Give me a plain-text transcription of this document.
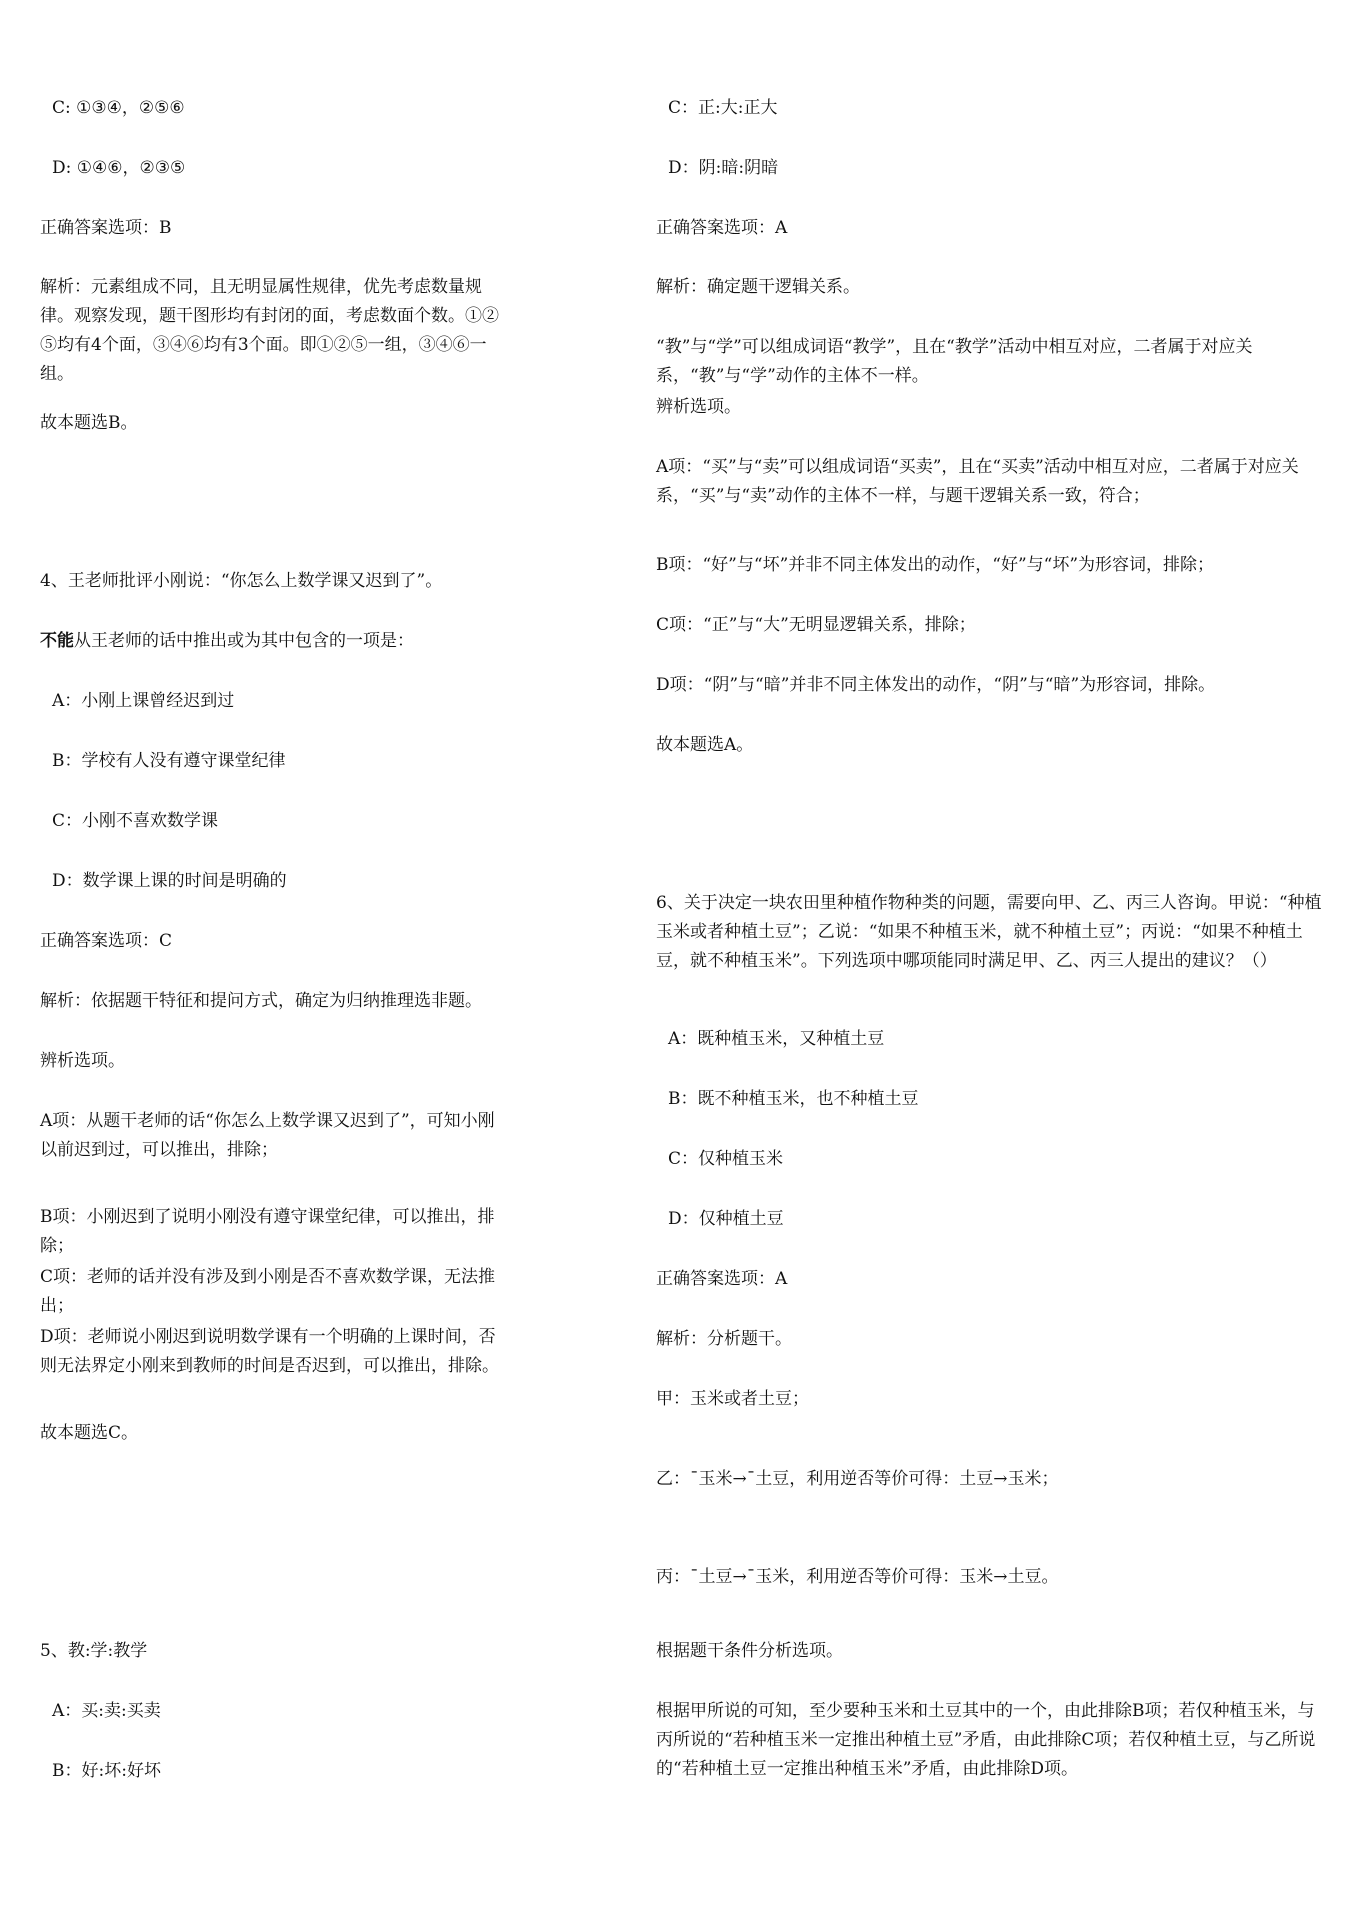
C: ①③④，②⑤⑥
D: ①④⑥，②③⑤
正确答案选项：B
解析：元素组成不同，且无明显属性规律，优先考虑数量规律。观察发现，题干图形均有封闭的面，考虑数面个数。①②⑤均有4个面，③④⑥均有3个面。即①②⑤一组，③④⑥一组。
故本题选B。
4、王老师批评小刚说：“你怎么上数学课又迟到了”。
不能从王老师的话中推出或为其中包含的一项是：
A：小刚上课曾经迟到过
B：学校有人没有遵守课堂纪律
C：小刚不喜欢数学课
D：数学课上课的时间是明确的
正确答案选项：C
解析：依据题干特征和提问方式，确定为归纳推理选非题。
辨析选项。
A项：从题干老师的话“你怎么上数学课又迟到了”，可知小刚以前迟到过，可以推出，排除；
B项：小刚迟到了说明小刚没有遵守课堂纪律，可以推出，排除；
C项：老师的话并没有涉及到小刚是否不喜欢数学课，无法推出；
D项：老师说小刚迟到说明数学课有一个明确的上课时间，否则无法界定小刚来到教师的时间是否迟到，可以推出，排除。
故本题选C。
5、教:学:教学
A：买:卖:买卖
B：好:坏:好坏
C：正:大:正大
D：阴:暗:阴暗
正确答案选项：A
解析：确定题干逻辑关系。
“教”与“学”可以组成词语“教学”，且在“教学”活动中相互对应，二者属于对应关系，“教”与“学”动作的主体不一样。
辨析选项。
A项：“买”与“卖”可以组成词语“买卖”，且在“买卖”活动中相互对应，二者属于对应关系，“买”与“卖”动作的主体不一样，与题干逻辑关系一致，符合；
B项：“好”与“坏”并非不同主体发出的动作，“好”与“坏”为形容词，排除；
C项：“正”与“大”无明显逻辑关系，排除；
D项：“阴”与“暗”并非不同主体发出的动作，“阴”与“暗”为形容词，排除。
故本题选A。
6、关于决定一块农田里种植作物种类的问题，需要向甲、乙、丙三人咨询。甲说：“种植玉米或者种植土豆”；乙说：“如果不种植玉米，就不种植土豆”；丙说：“如果不种植土豆，就不种植玉米”。下列选项中哪项能同时满足甲、乙、丙三人提出的建议？（）
A：既种植玉米，又种植土豆
B：既不种植玉米，也不种植土豆
C：仅种植玉米
D：仅种植土豆
正确答案选项：A
解析：分析题干。
甲：玉米或者土豆；
乙：¯玉米→¯土豆，利用逆否等价可得：土豆→玉米；
丙：¯土豆→¯玉米，利用逆否等价可得：玉米→土豆。
根据题干条件分析选项。
根据甲所说的可知，至少要种玉米和土豆其中的一个，由此排除B项；若仅种植玉米，与丙所说的“若种植玉米一定推出种植土豆”矛盾，由此排除C项；若仅种植土豆，与乙所说的“若种植土豆一定推出种植玉米”矛盾，由此排除D项。
